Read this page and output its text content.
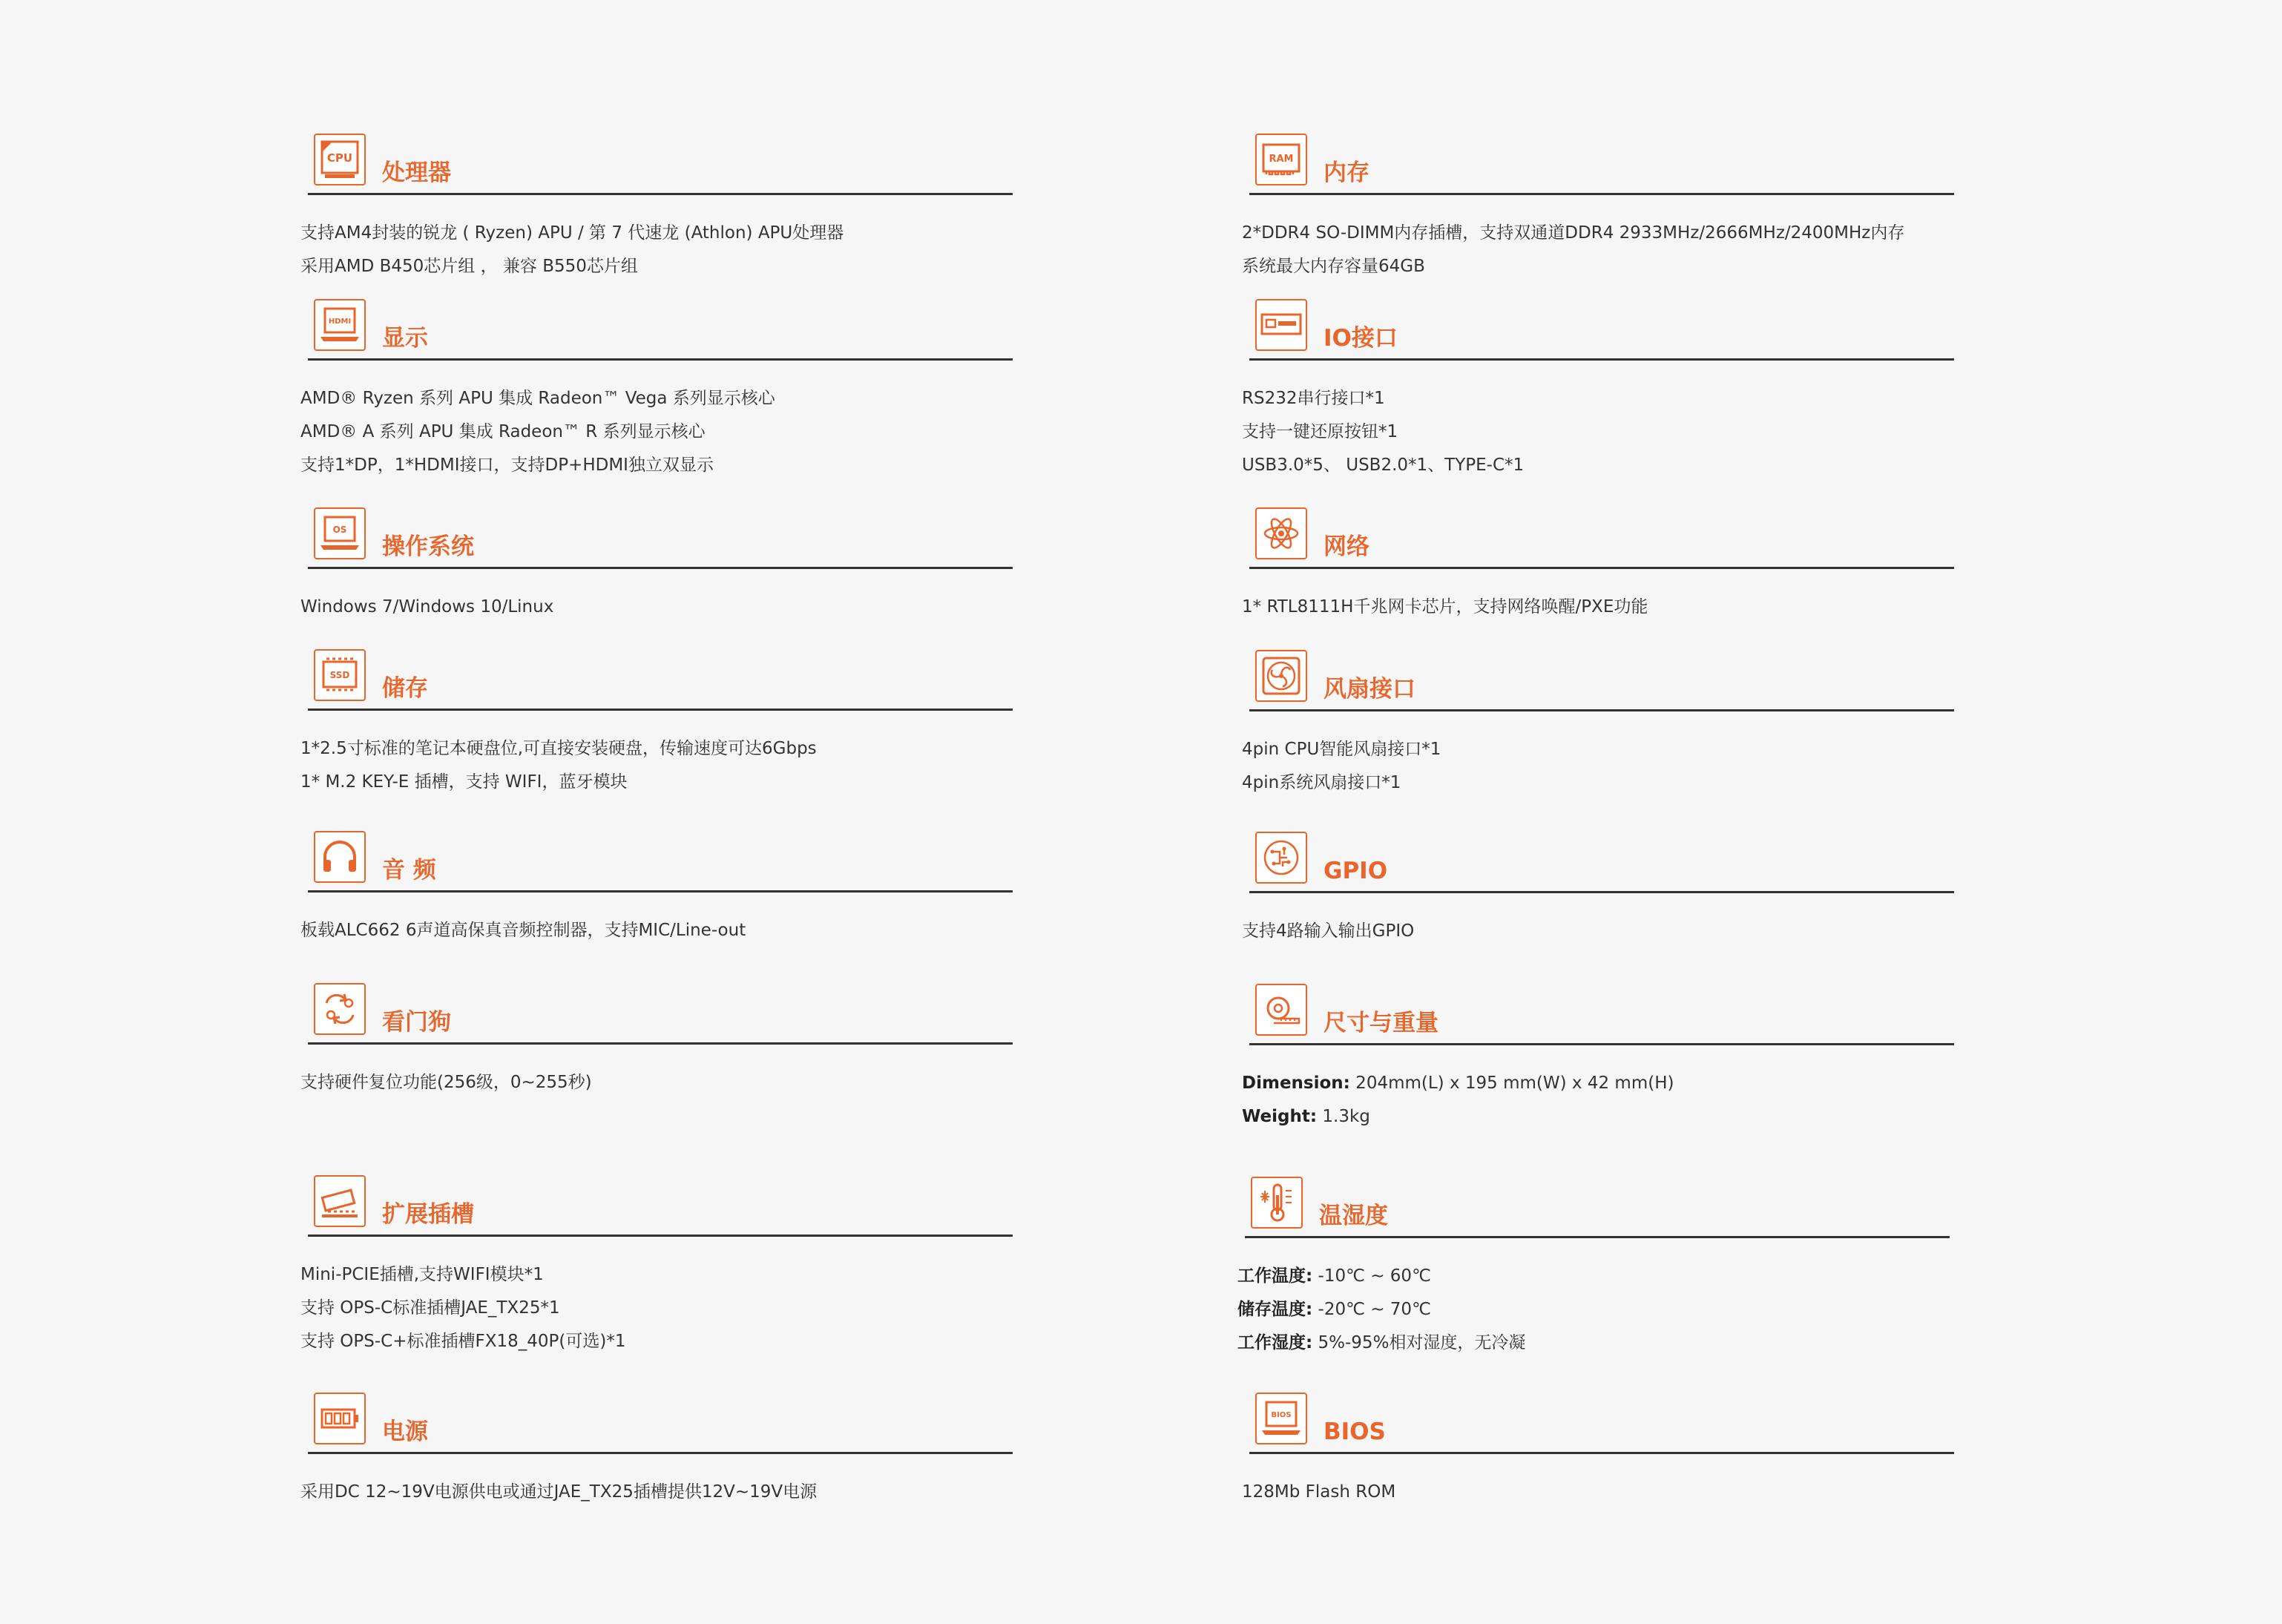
CPU
处理器
支持AM4封装的锐龙 ( Ryzen) APU / 第 7 代速龙 (Athlon) APU处理器
采用AMD B450芯片组 ， 兼容 B550芯片组
HDMI
显示
AMD® Ryzen 系列 APU 集成 Radeon™ Vega 系列显示核心
AMD® A 系列 APU 集成 Radeon™ R 系列显示核心
支持1*DP，1*HDMI接口，支持DP+HDMI独立双显示
OS
操作系统
Windows 7/Windows 10/Linux
SSD 储存
1*2.5寸标准的笔记本硬盘位,可直接安装硬盘，传输速度可达6Gbps
1* M.2 KEY-E 插槽，支持 WIFI，蓝牙模块
音 频
板载ALC662 6声道高保真音频控制器，支持MIC/Line-out
看门狗
支持硬件复位功能(256级，0~255秒)
扩展插槽
Mini-PCIE插槽,支持WIFI模块*1
支持 OPS-C标准插槽JAE_TX25*1
支持 OPS-C+标准插槽FX18_40P(可选)*1
电源
采用DC 12~19V电源供电或通过JAE_TX25插槽提供12V~19V电源
RAM
内存
2*DDR4 SO-DIMM内存插槽，支持双通道DDR4 2933MHz/2666MHz/2400MHz内存
系统最大内存容量64GB
IO接口
RS232串行接口*1
支持一键还原按钮*1
USB3.0*5、 USB2.0*1、TYPE-C*1
网络
1* RTL8111H千兆网卡芯片，支持网络唤醒/PXE功能
风扇接口
4pin CPU智能风扇接口*1
4pin系统风扇接口*1
GPIO
支持4路输入输出GPIO
尺寸与重量
Dimension: 204mm(L) x 195 mm(W) x 42 mm(H)
Weight: 1.3kg
温湿度
工作温度: -10℃ ~ 60℃
储存温度: -20℃ ~ 70℃
工作湿度: 5%-95%相对湿度，无冷凝
BIOS
BIOS
128Mb Flash ROM
